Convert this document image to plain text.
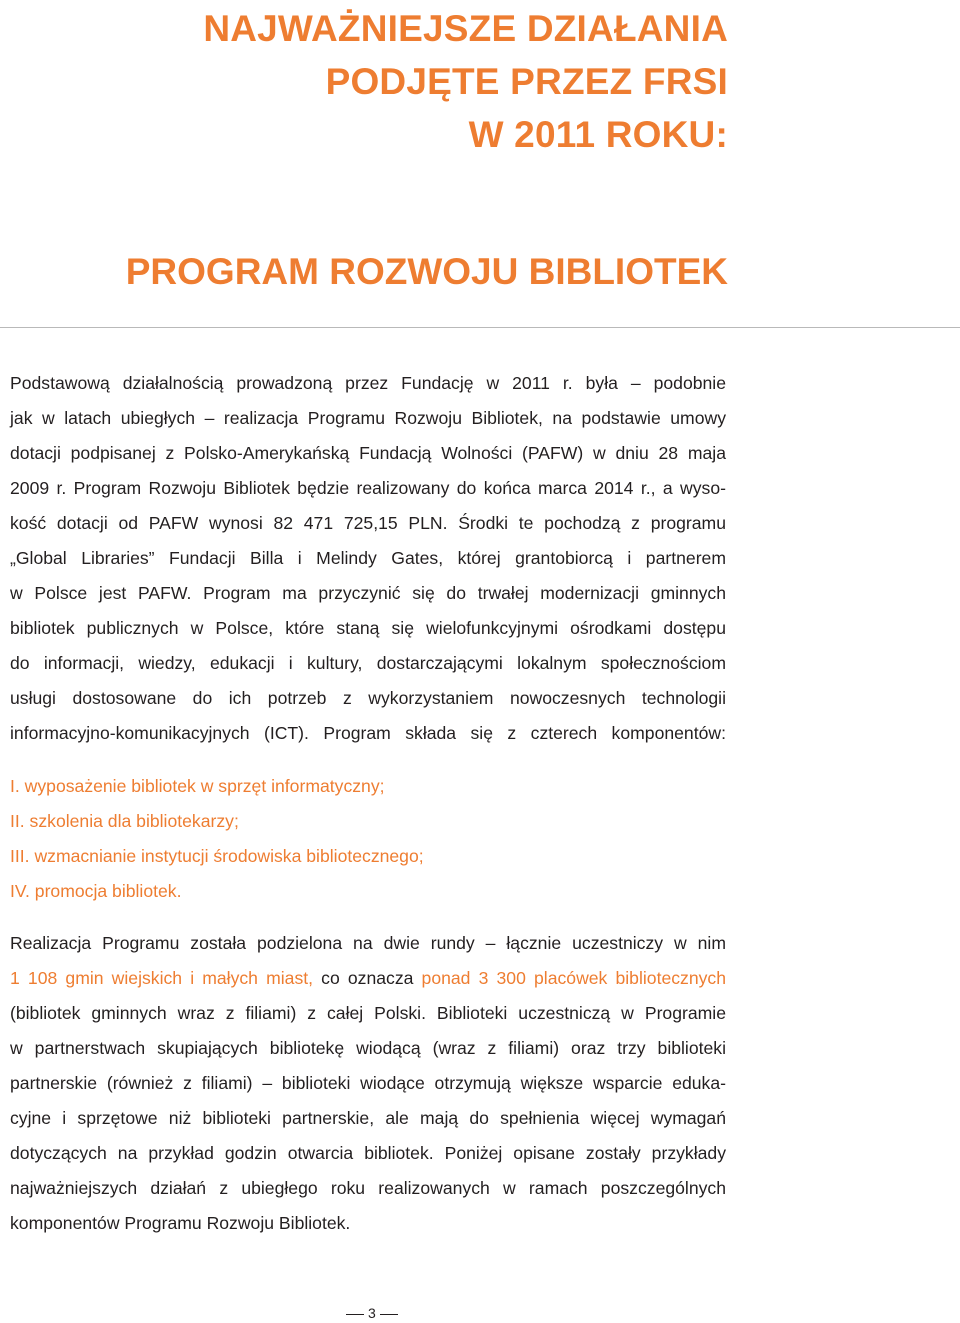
NAJWAŻNIEJSZE DZIAŁANIA
PODJĘTE PRZEZ FRSI
W 2011 ROKU:
PROGRAM ROZWOJU BIBLIOTEK
Podstawową działalnością prowadzoną przez Fundację w 2011 r. była – podobnie
jak w latach ubiegłych – realizacja Programu Rozwoju Bibliotek, na podstawie umowy
dotacji podpisanej z Polsko-Amerykańską Fundacją Wolności (PAFW) w dniu 28 maja
2009 r. Program Rozwoju Bibliotek będzie realizowany do końca marca 2014 r., a wyso-
kość dotacji od PAFW wynosi 82 471 725,15 PLN. Środki te pochodzą z programu
„Global Libraries” Fundacji Billa i Melindy Gates, której grantobiorcą i partnerem
w Polsce jest PAFW. Program ma przyczynić się do trwałej modernizacji gminnych
bibliotek publicznych w Polsce, które staną się wielofunkcyjnymi ośrodkami dostępu
do informacji, wiedzy, edukacji i kultury, dostarczającymi lokalnym społecznościom
usługi dostosowane do ich potrzeb z wykorzystaniem nowoczesnych technologii
informacyjno-komunikacyjnych (ICT). Program składa się z czterech komponentów:
I. wyposażenie bibliotek w sprzęt informatyczny;
II. szkolenia dla bibliotekarzy;
III. wzmacnianie instytucji środowiska bibliotecznego;
IV. promocja bibliotek.
Realizacja Programu została podzielona na dwie rundy – łącznie uczestniczy w nim
1 108 gmin wiejskich i małych miast, co oznacza ponad 3 300 placówek bibliotecznych
(bibliotek gminnych wraz z filiami) z całej Polski. Biblioteki uczestniczą w Programie
w partnerstwach skupiających bibliotekę wiodącą (wraz z filiami) oraz trzy biblioteki
partnerskie (również z filiami) – biblioteki wiodące otrzymują większe wsparcie eduka-
cyjne i sprzętowe niż biblioteki partnerskie, ale mają do spełnienia więcej wymagań
dotyczących na przykład godzin otwarcia bibliotek. Poniżej opisane zostały przykłady
najważniejszych działań z ubiegłego roku realizowanych w ramach poszczególnych
komponentów Programu Rozwoju Bibliotek.
3
